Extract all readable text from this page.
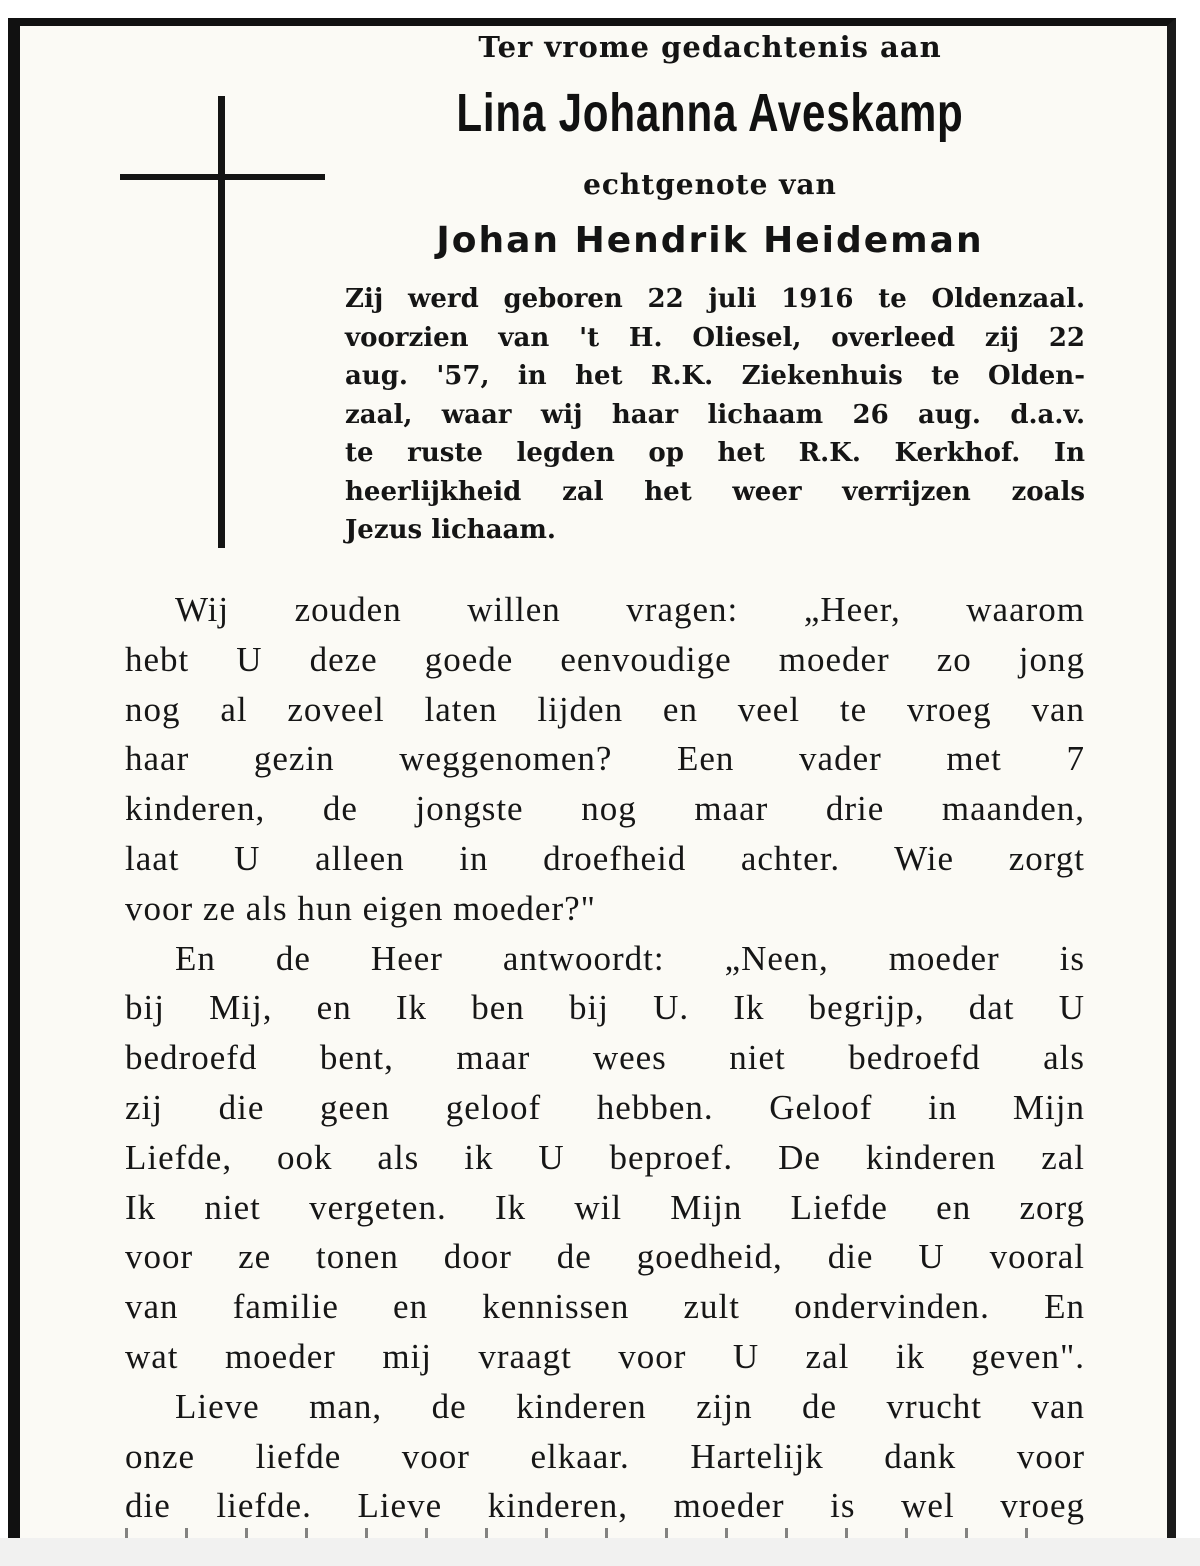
Ter vrome gedachtenis aan
Lina Johanna Aveskamp
echtgenote van
Johan Hendrik Heideman
Zij werd geboren 22 juli 1916 te Oldenzaal.
voorzien van 't H. Oliesel, overleed zij 22
aug. '57, in het R.K. Ziekenhuis te Olden-
zaal, waar wij haar lichaam 26 aug. d.a.v.
te ruste legden op het R.K. Kerkhof. In
heerlijkheid zal het weer verrijzen zoals
Jezus lichaam.
Wij zouden willen vragen: „Heer, waarom
hebt U deze goede eenvoudige moeder zo jong
nog al zoveel laten lijden en veel te vroeg van
haar gezin weggenomen? Een vader met 7
kinderen, de jongste nog maar drie maanden,
laat U alleen in droefheid achter. Wie zorgt
voor ze als hun eigen moeder?"
En de Heer antwoordt: „Neen, moeder is
bij Mij, en Ik ben bij U. Ik begrijp, dat U
bedroefd bent, maar wees niet bedroefd als
zij die geen geloof hebben. Geloof in Mijn
Liefde, ook als ik U beproef. De kinderen zal
Ik niet vergeten. Ik wil Mijn Liefde en zorg
voor ze tonen door de goedheid, die U vooral
van familie en kennissen zult ondervinden. En
wat moeder mij vraagt voor U zal ik geven".
Lieve man, de kinderen zijn de vrucht van
onze liefde voor elkaar. Hartelijk dank voor
die liefde. Lieve kinderen, moeder is wel vroeg
